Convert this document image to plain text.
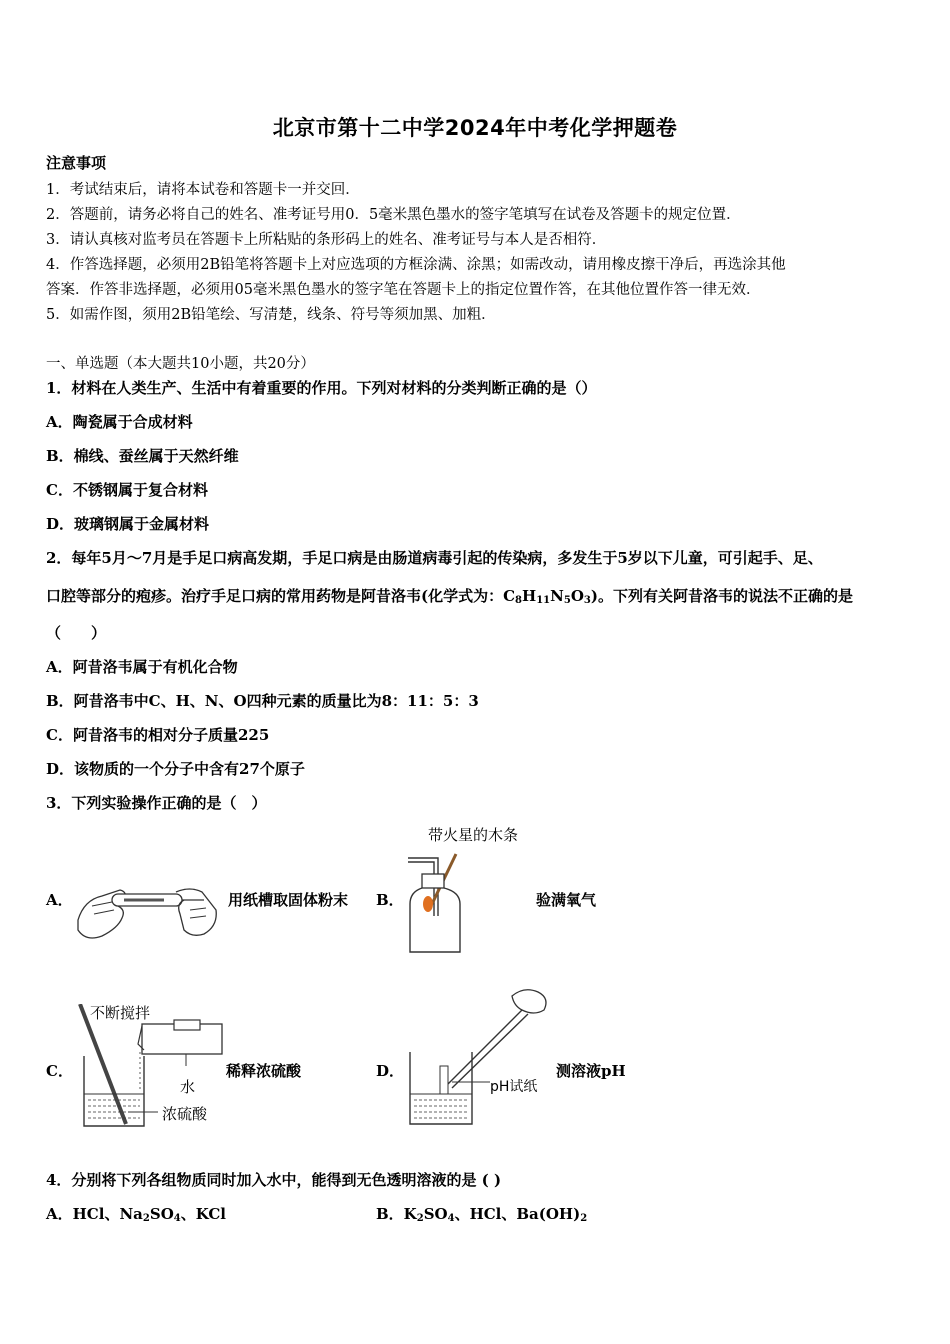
北京市第十二中学2024年中考化学押题卷
注意事项
1．考试结束后，请将本试卷和答题卡一并交回．
2．答题前，请务必将自己的姓名、准考证号用0．5毫米黑色墨水的签字笔填写在试卷及答题卡的规定位置．
3．请认真核对监考员在答题卡上所粘贴的条形码上的姓名、准考证号与本人是否相符．
4．作答选择题，必须用2B铅笔将答题卡上对应选项的方框涂满、涂黑；如需改动，请用橡皮擦干净后，再选涂其他
答案．作答非选择题，必须用05毫米黑色墨水的签字笔在答题卡上的指定位置作答，在其他位置作答一律无效．
5．如需作图，须用2B铅笔绘、写清楚，线条、符号等须加黑、加粗．
一、单选题（本大题共10小题，共20分）
1．材料在人类生产、生活中有着重要的作用。下列对材料的分类判断正确的是（）
A．陶瓷属于合成材料
B．棉线、蚕丝属于天然纤维
C．不锈钢属于复合材料
D．玻璃钢属于金属材料
2．每年5月～7月是手足口病高发期，手足口病是由肠道病毒引起的传染病，多发生于5岁以下儿童，可引起手、足、
口腔等部分的疱疹。治疗手足口病的常用药物是阿昔洛韦(化学式为：$C_8H_{11}N_5O_3$)。下列有关阿昔洛韦的说法不正确的是
（　　）
A．阿昔洛韦属于有机化合物
B．阿昔洛韦中C、H、N、O四种元素的质量比为8：11：5：3
C．阿昔洛韦的相对分子质量225
D．该物质的一个分子中含有27个原子
3．下列实验操作正确的是（　）
A．	用纸槽取固体粉末 B．
带火星的木条
验满氧气
C．
不断搅拌
水
浓硫酸
稀释浓硫酸	D．
pH试纸
测溶液pH
4．分别将下列各组物质同时加入水中，能得到无色透明溶液的是 ( )
A．HCl、$Na_2SO_4$、KCl	B．$K_2SO_4$、HCl、$Ba(OH)_2$
